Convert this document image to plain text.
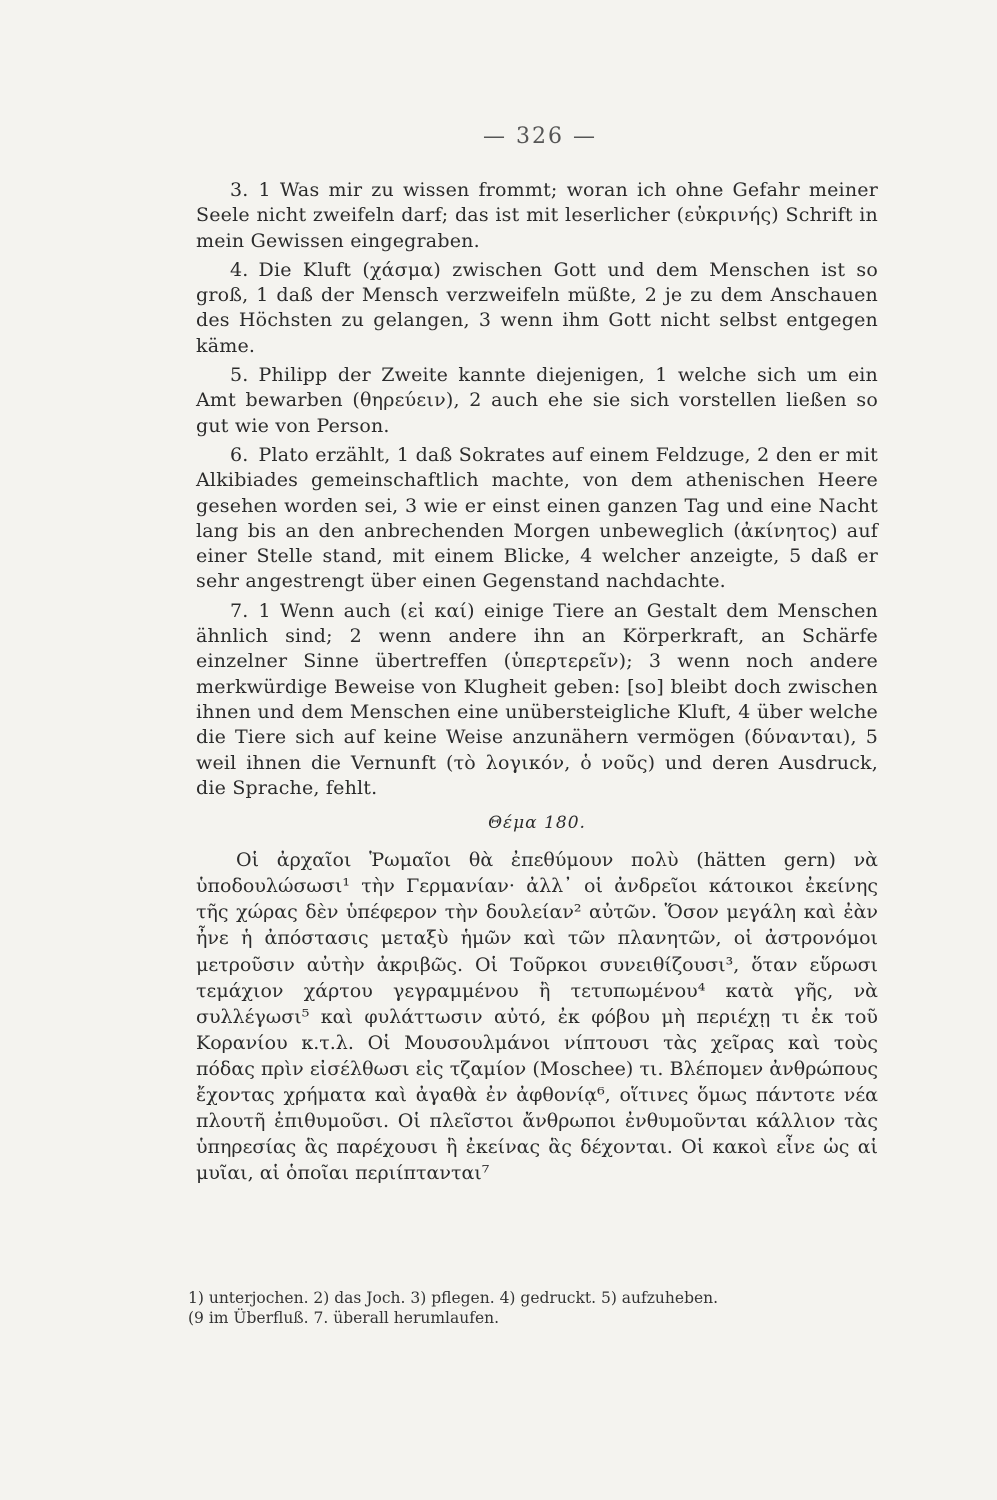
— 326 —

3. 1 Was mir zu wissen frommt; woran ich ohne Gefahr meiner Seele nicht zweifeln darf; das ist mit leserlicher (εὐκρινής) Schrift in mein Gewissen eingegraben.

4. Die Kluft (χάσμα) zwischen Gott und dem Menschen ist so groß, 1 daß der Mensch verzweifeln müßte, 2 je zu dem Anschauen des Höchsten zu gelangen, 3 wenn ihm Gott nicht selbst entgegen käme.

5. Philipp der Zweite kannte diejenigen, 1 welche sich um ein Amt bewarben (θηρεύειν), 2 auch ehe sie sich vorstellen ließen so gut wie von Person.

6. Plato erzählt, 1 daß Sokrates auf einem Feldzuge, 2 den er mit Alkibiades gemeinschaftlich machte, von dem athenischen Heere gesehen worden sei, 3 wie er einst einen ganzen Tag und eine Nacht lang bis an den anbrechenden Morgen unbeweglich (ἀκίνητος) auf einer Stelle stand, mit einem Blicke, 4 welcher anzeigte, 5 daß er sehr angestrengt über einen Gegenstand nachdachte.

7. 1 Wenn auch (εἰ καί) einige Tiere an Gestalt dem Menschen ähnlich sind; 2 wenn andere ihn an Körperkraft, an Schärfe einzelner Sinne übertreffen (ὑπερτερεῖν); 3 wenn noch andere merkwürdige Beweise von Klugheit geben: [so] bleibt doch zwischen ihnen und dem Menschen eine unübersteigliche Kluft, 4 über welche die Tiere sich auf keine Weise anzunähern vermögen (δύνανται), 5 weil ihnen die Vernunft (τὸ λογικόν, ὁ νοῦς) und deren Ausdruck, die Sprache, fehlt.

Θέμα 180.

Οἱ ἀρχαῖοι Ῥωμαῖοι θὰ ἐπεθύμουν πολὺ (hätten gern) νὰ ὑποδουλώσωσι¹ τὴν Γερμανίαν· ἀλλ᾽ οἱ ἀνδρεῖοι κάτοικοι ἐκείνης τῆς χώρας δὲν ὑπέφερον τὴν δουλείαν² αὐτῶν. Ὅσον μεγάλη καὶ ἐὰν ἦνε ἡ ἀπόστασις μεταξὺ ἡμῶν καὶ τῶν πλανητῶν, οἱ ἀστρονόμοι μετροῦσιν αὐτὴν ἀκριβῶς. Οἱ Τοῦρκοι συνειθίζουσι³, ὅταν εὕρωσι τεμάχιον χάρτου γεγραμμένου ἢ τετυπωμένου⁴ κατὰ γῆς, νὰ συλλέγωσι⁵ καὶ φυλάττωσιν αὐτό, ἐκ φόβου μὴ περιέχῃ τι ἐκ τοῦ Κορανίου κ.τ.λ. Οἱ Μουσουλμάνοι νίπτουσι τὰς χεῖρας καὶ τοὺς πόδας πρὶν εἰσέλθωσι εἰς τζαμίον (Moschee) τι. Βλέπομεν ἀνθρώπους ἔχοντας χρήματα καὶ ἀγαθὰ ἐν ἀφθονίᾳ⁶, οἵτινες ὅμως πάντοτε νέα πλουτῆ ἐπιθυμοῦσι. Οἱ πλεῖστοι ἄνθρωποι ἐνθυμοῦνται κάλλιον τὰς ὑπηρεσίας ἃς παρέχουσι ἢ ἐκείνας ἃς δέχονται. Οἱ κακοὶ εἶνε ὡς αἱ μυῖαι, αἱ ὁποῖαι περιίπτανται⁷

1) unterjochen. 2) das Joch. 3) pflegen. 4) gedruckt. 5) aufzuheben.

(9 im Überfluß. 7. überall herumlaufen.
